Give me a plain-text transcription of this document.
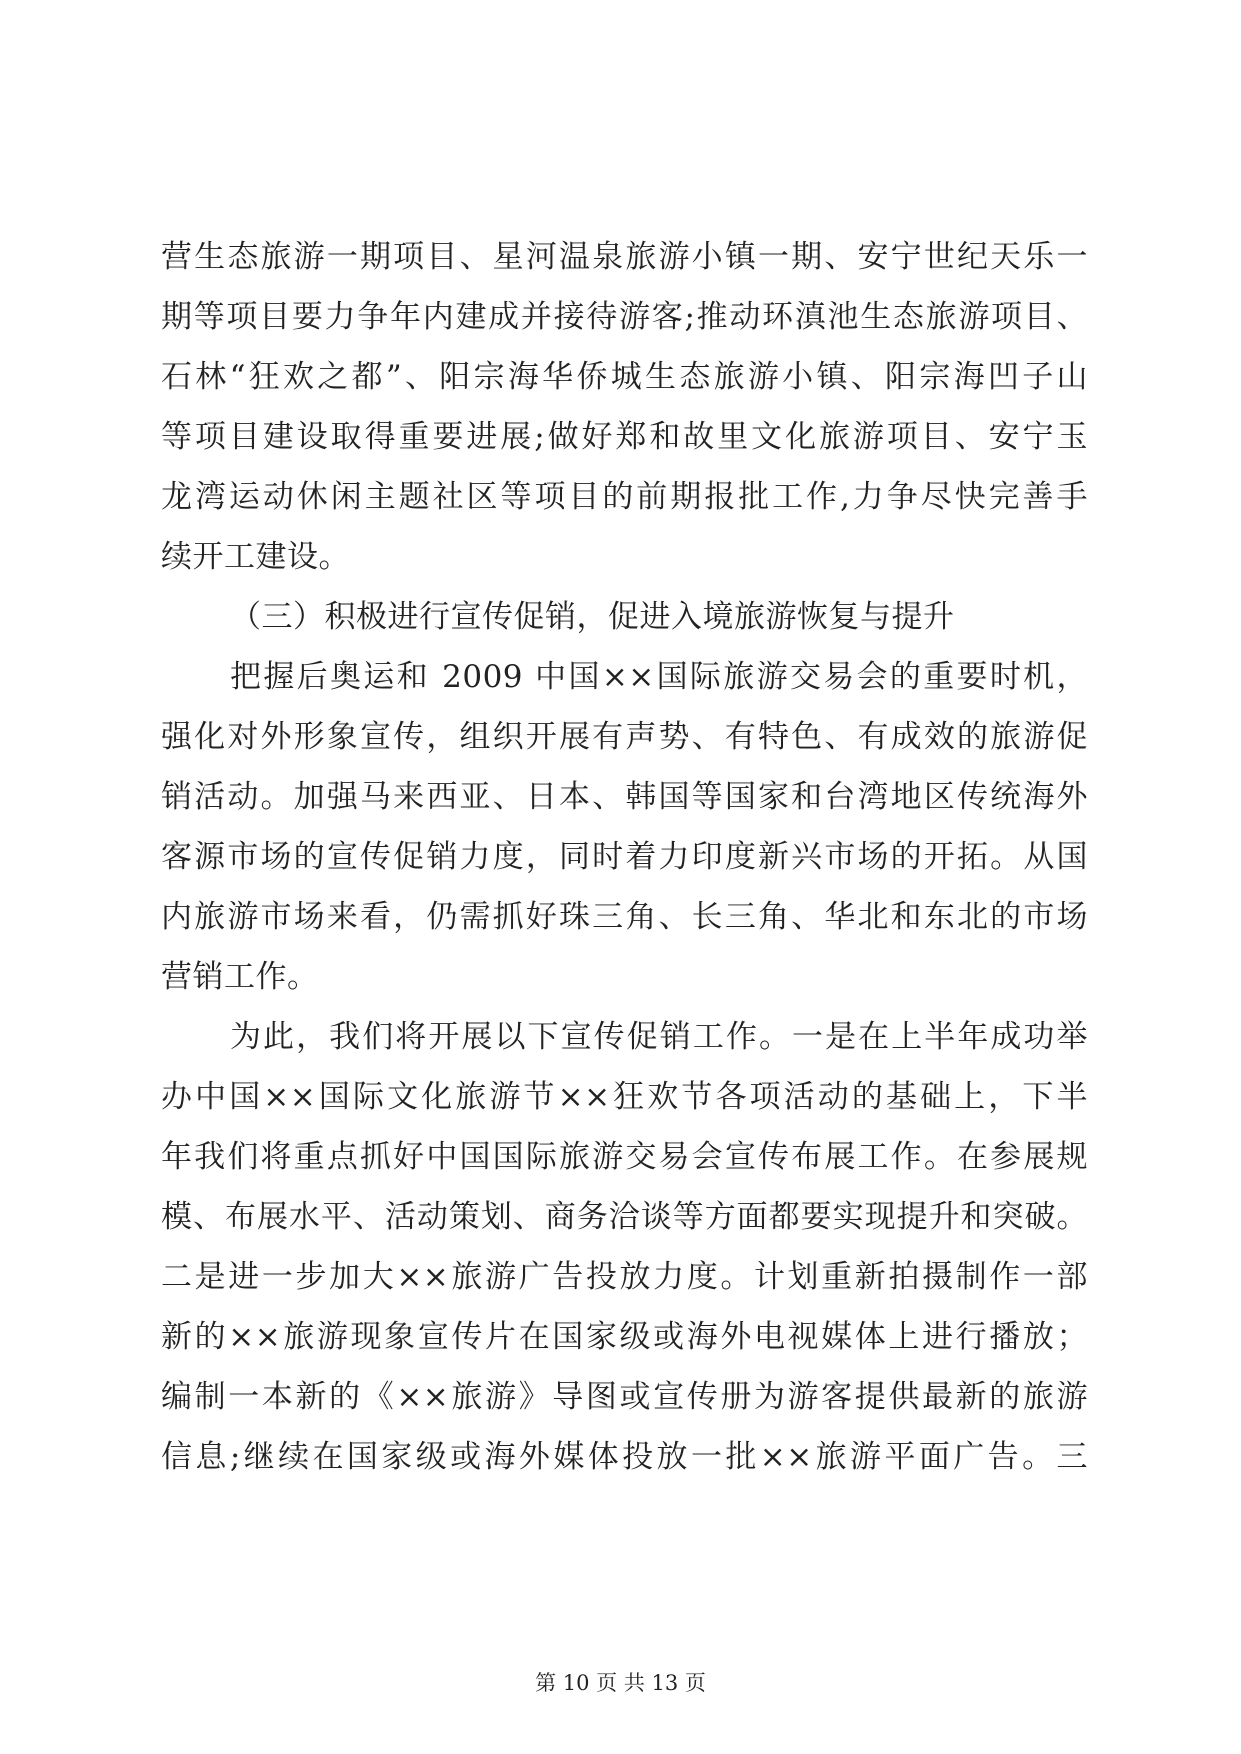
营生态旅游一期项目、星河温泉旅游小镇一期、安宁世纪天乐一
期等项目要力争年内建成并接待游客;推动环滇池生态旅游项目、
石林“狂欢之都”、阳宗海华侨城生态旅游小镇、阳宗海凹子山
等项目建设取得重要进展;做好郑和故里文化旅游项目、安宁玉
龙湾运动休闲主题社区等项目的前期报批工作,力争尽快完善手
续开工建设。
（三）积极进行宣传促销，促进入境旅游恢复与提升
把握后奥运和 2009 中国××国际旅游交易会的重要时机，
强化对外形象宣传，组织开展有声势、有特色、有成效的旅游促
销活动。加强马来西亚、日本、韩国等国家和台湾地区传统海外
客源市场的宣传促销力度，同时着力印度新兴市场的开拓。从国
内旅游市场来看，仍需抓好珠三角、长三角、华北和东北的市场
营销工作。
为此，我们将开展以下宣传促销工作。一是在上半年成功举
办中国××国际文化旅游节××狂欢节各项活动的基础上，下半
年我们将重点抓好中国国际旅游交易会宣传布展工作。在参展规
模、布展水平、活动策划、商务洽谈等方面都要实现提升和突破。
二是进一步加大××旅游广告投放力度。计划重新拍摄制作一部
新的××旅游现象宣传片在国家级或海外电视媒体上进行播放；
编制一本新的《××旅游》导图或宣传册为游客提供最新的旅游
信息;继续在国家级或海外媒体投放一批××旅游平面广告。三
第 10 页 共 13 页
